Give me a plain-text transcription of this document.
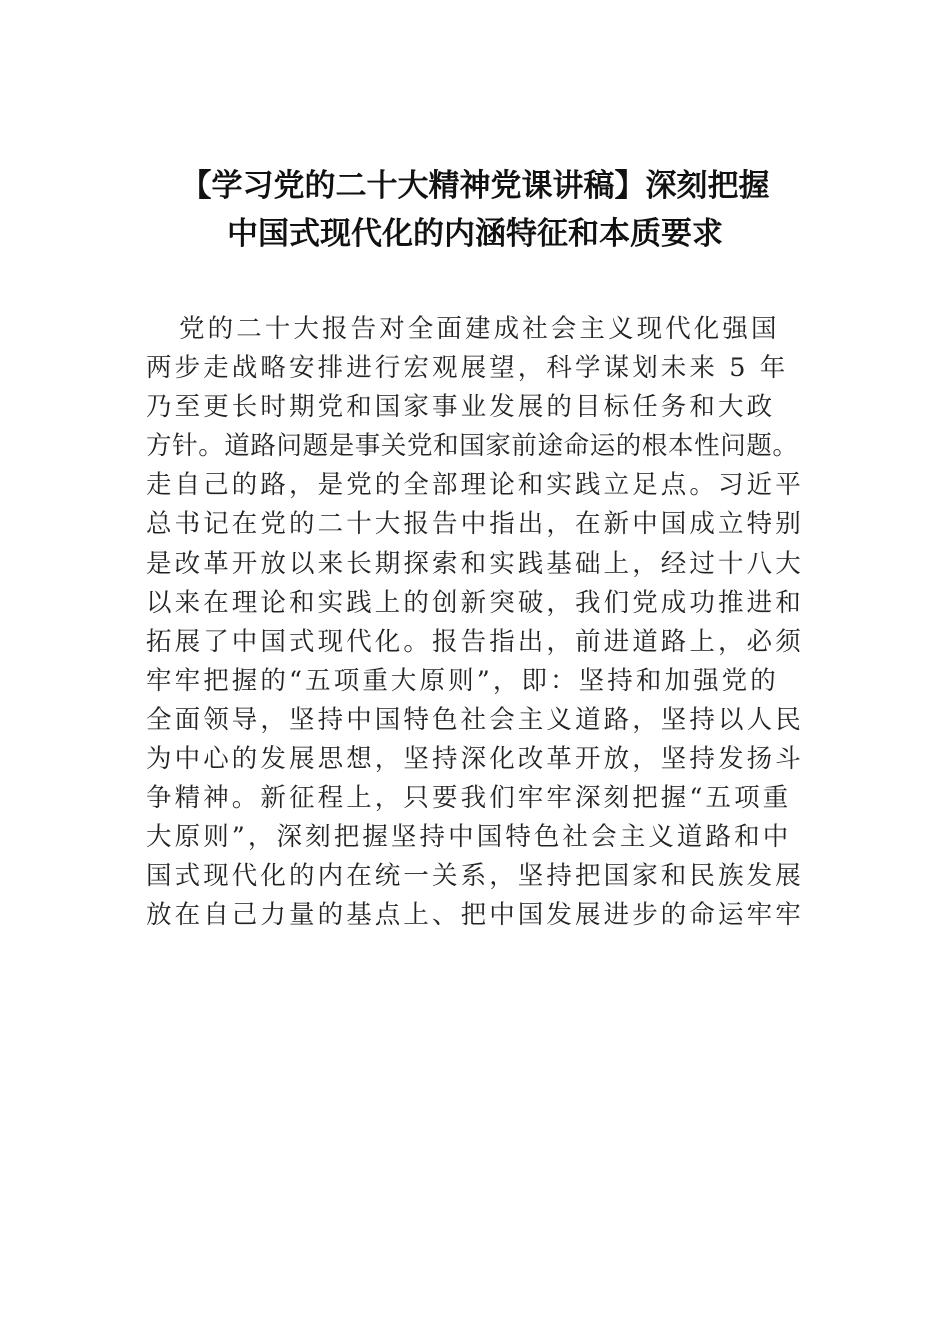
【学习党的二十大精神党课讲稿】深刻把握
中国式现代化的内涵特征和本质要求
党的二十大报告对全面建成社会主义现代化强国
两步走战略安排进行宏观展望，科学谋划未来 5 年
乃至更长时期党和国家事业发展的目标任务和大政
方针。道路问题是事关党和国家前途命运的根本性问题。
走自己的路，是党的全部理论和实践立足点。习近平
总书记在党的二十大报告中指出，在新中国成立特别
是改革开放以来长期探索和实践基础上，经过十八大
以来在理论和实践上的创新突破，我们党成功推进和
拓展了中国式现代化。报告指出，前进道路上，必须
牢牢把握的“五项重大原则”，即：坚持和加强党的
全面领导，坚持中国特色社会主义道路，坚持以人民
为中心的发展思想，坚持深化改革开放，坚持发扬斗
争精神。新征程上，只要我们牢牢深刻把握“五项重
大原则”，深刻把握坚持中国特色社会主义道路和中
国式现代化的内在统一关系，坚持把国家和民族发展
放在自己力量的基点上、把中国发展进步的命运牢牢
